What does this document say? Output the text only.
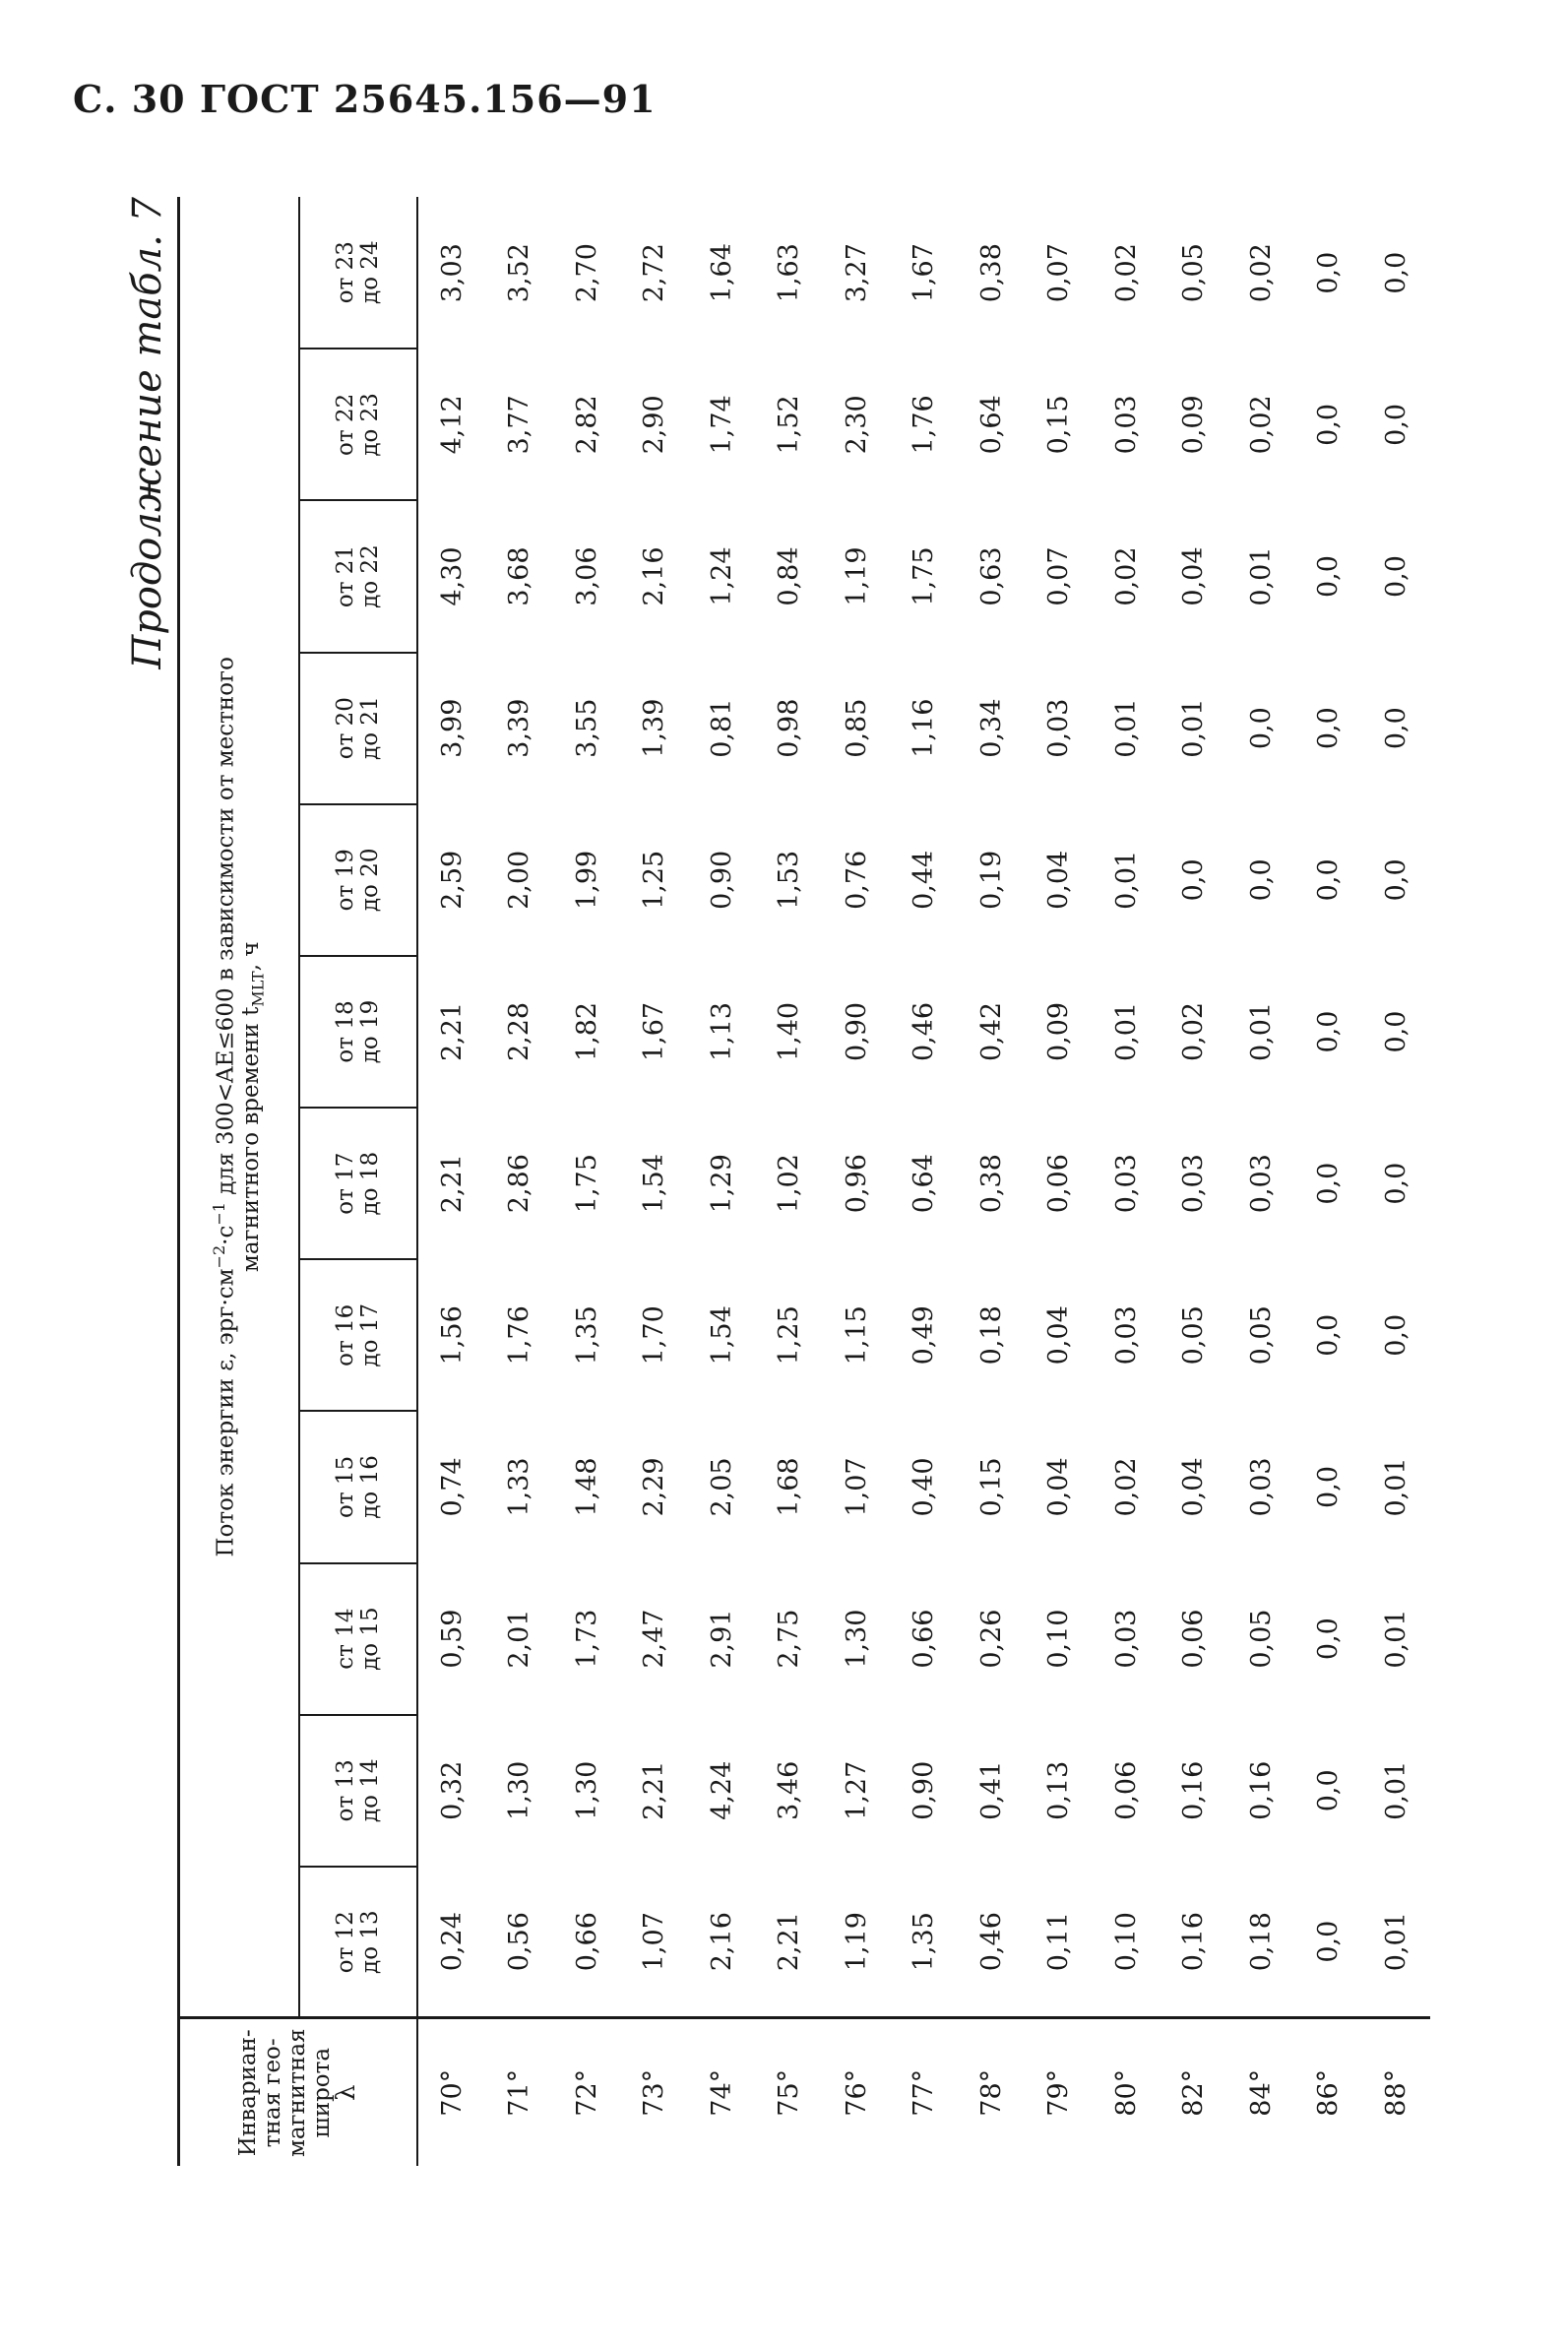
С. 30 ГОСТ 25645.156—91
Продолжение табл. 7
Инвариан- тная гео- магнитная широта
λ	Поток энергии ε, $эрг\cdot см^{-2}\cdot с^{-1}$ для 300<AE≤600 в зависимости от местного магнитного времени $t_{MLT}$, ч											

	от 12 до 13	от 13 до 14	ст 14 до 15	от 15 до 16	от 16 до 17	от 17 до 18	от 18 до 19	от 19 до 20	от 20 до 21	от 21 до 22	от 22 до 23	от 23 до 24

70°	0,24	0,32	0,59	0,74	1,56	2,21	2,21	2,59	3,99	4,30	4,12	3,03
71°	0,56	1,30	2,01	1,33	1,76	2,86	2,28	2,00	3,39	3,68	3,77	3,52
72°	0,66	1,30	1,73	1,48	1,35	1,75	1,82	1,99	3,55	3,06	2,82	2,70
73°	1,07	2,21	2,47	2,29	1,70	1,54	1,67	1,25	1,39	2,16	2,90	2,72
74°	2,16	4,24	2,91	2,05	1,54	1,29	1,13	0,90	0,81	1,24	1,74	1,64
75°	2,21	3,46	2,75	1,68	1,25	1,02	1,40	1,53	0,98	0,84	1,52	1,63
76°	1,19	1,27	1,30	1,07	1,15	0,96	0,90	0,76	0,85	1,19	2,30	3,27
77°	1,35	0,90	0,66	0,40	0,49	0,64	0,46	0,44	1,16	1,75	1,76	1,67
78°	0,46	0,41	0,26	0,15	0,18	0,38	0,42	0,19	0,34	0,63	0,64	0,38
79°	0,11	0,13	0,10	0,04	0,04	0,06	0,09	0,04	0,03	0,07	0,15	0,07
80°	0,10	0,06	0,03	0,02	0,03	0,03	0,01	0,01	0,01	0,02	0,03	0,02
82°	0,16	0,16	0,06	0,04	0,05	0,03	0,02	0,0	0,01	0,04	0,09	0,05
84°	0,18	0,16	0,05	0,03	0,05	0,03	0,01	0,0	0,0	0,01	0,02	0,02
86°	0,0	0,0	0,0	0,0	0,0	0,0	0,0	0,0	0,0	0,0	0,0	0,0
88°	0,01	0,01	0,01	0,01	0,0	0,0	0,0	0,0	0,0	0,0	0,0	0,0
